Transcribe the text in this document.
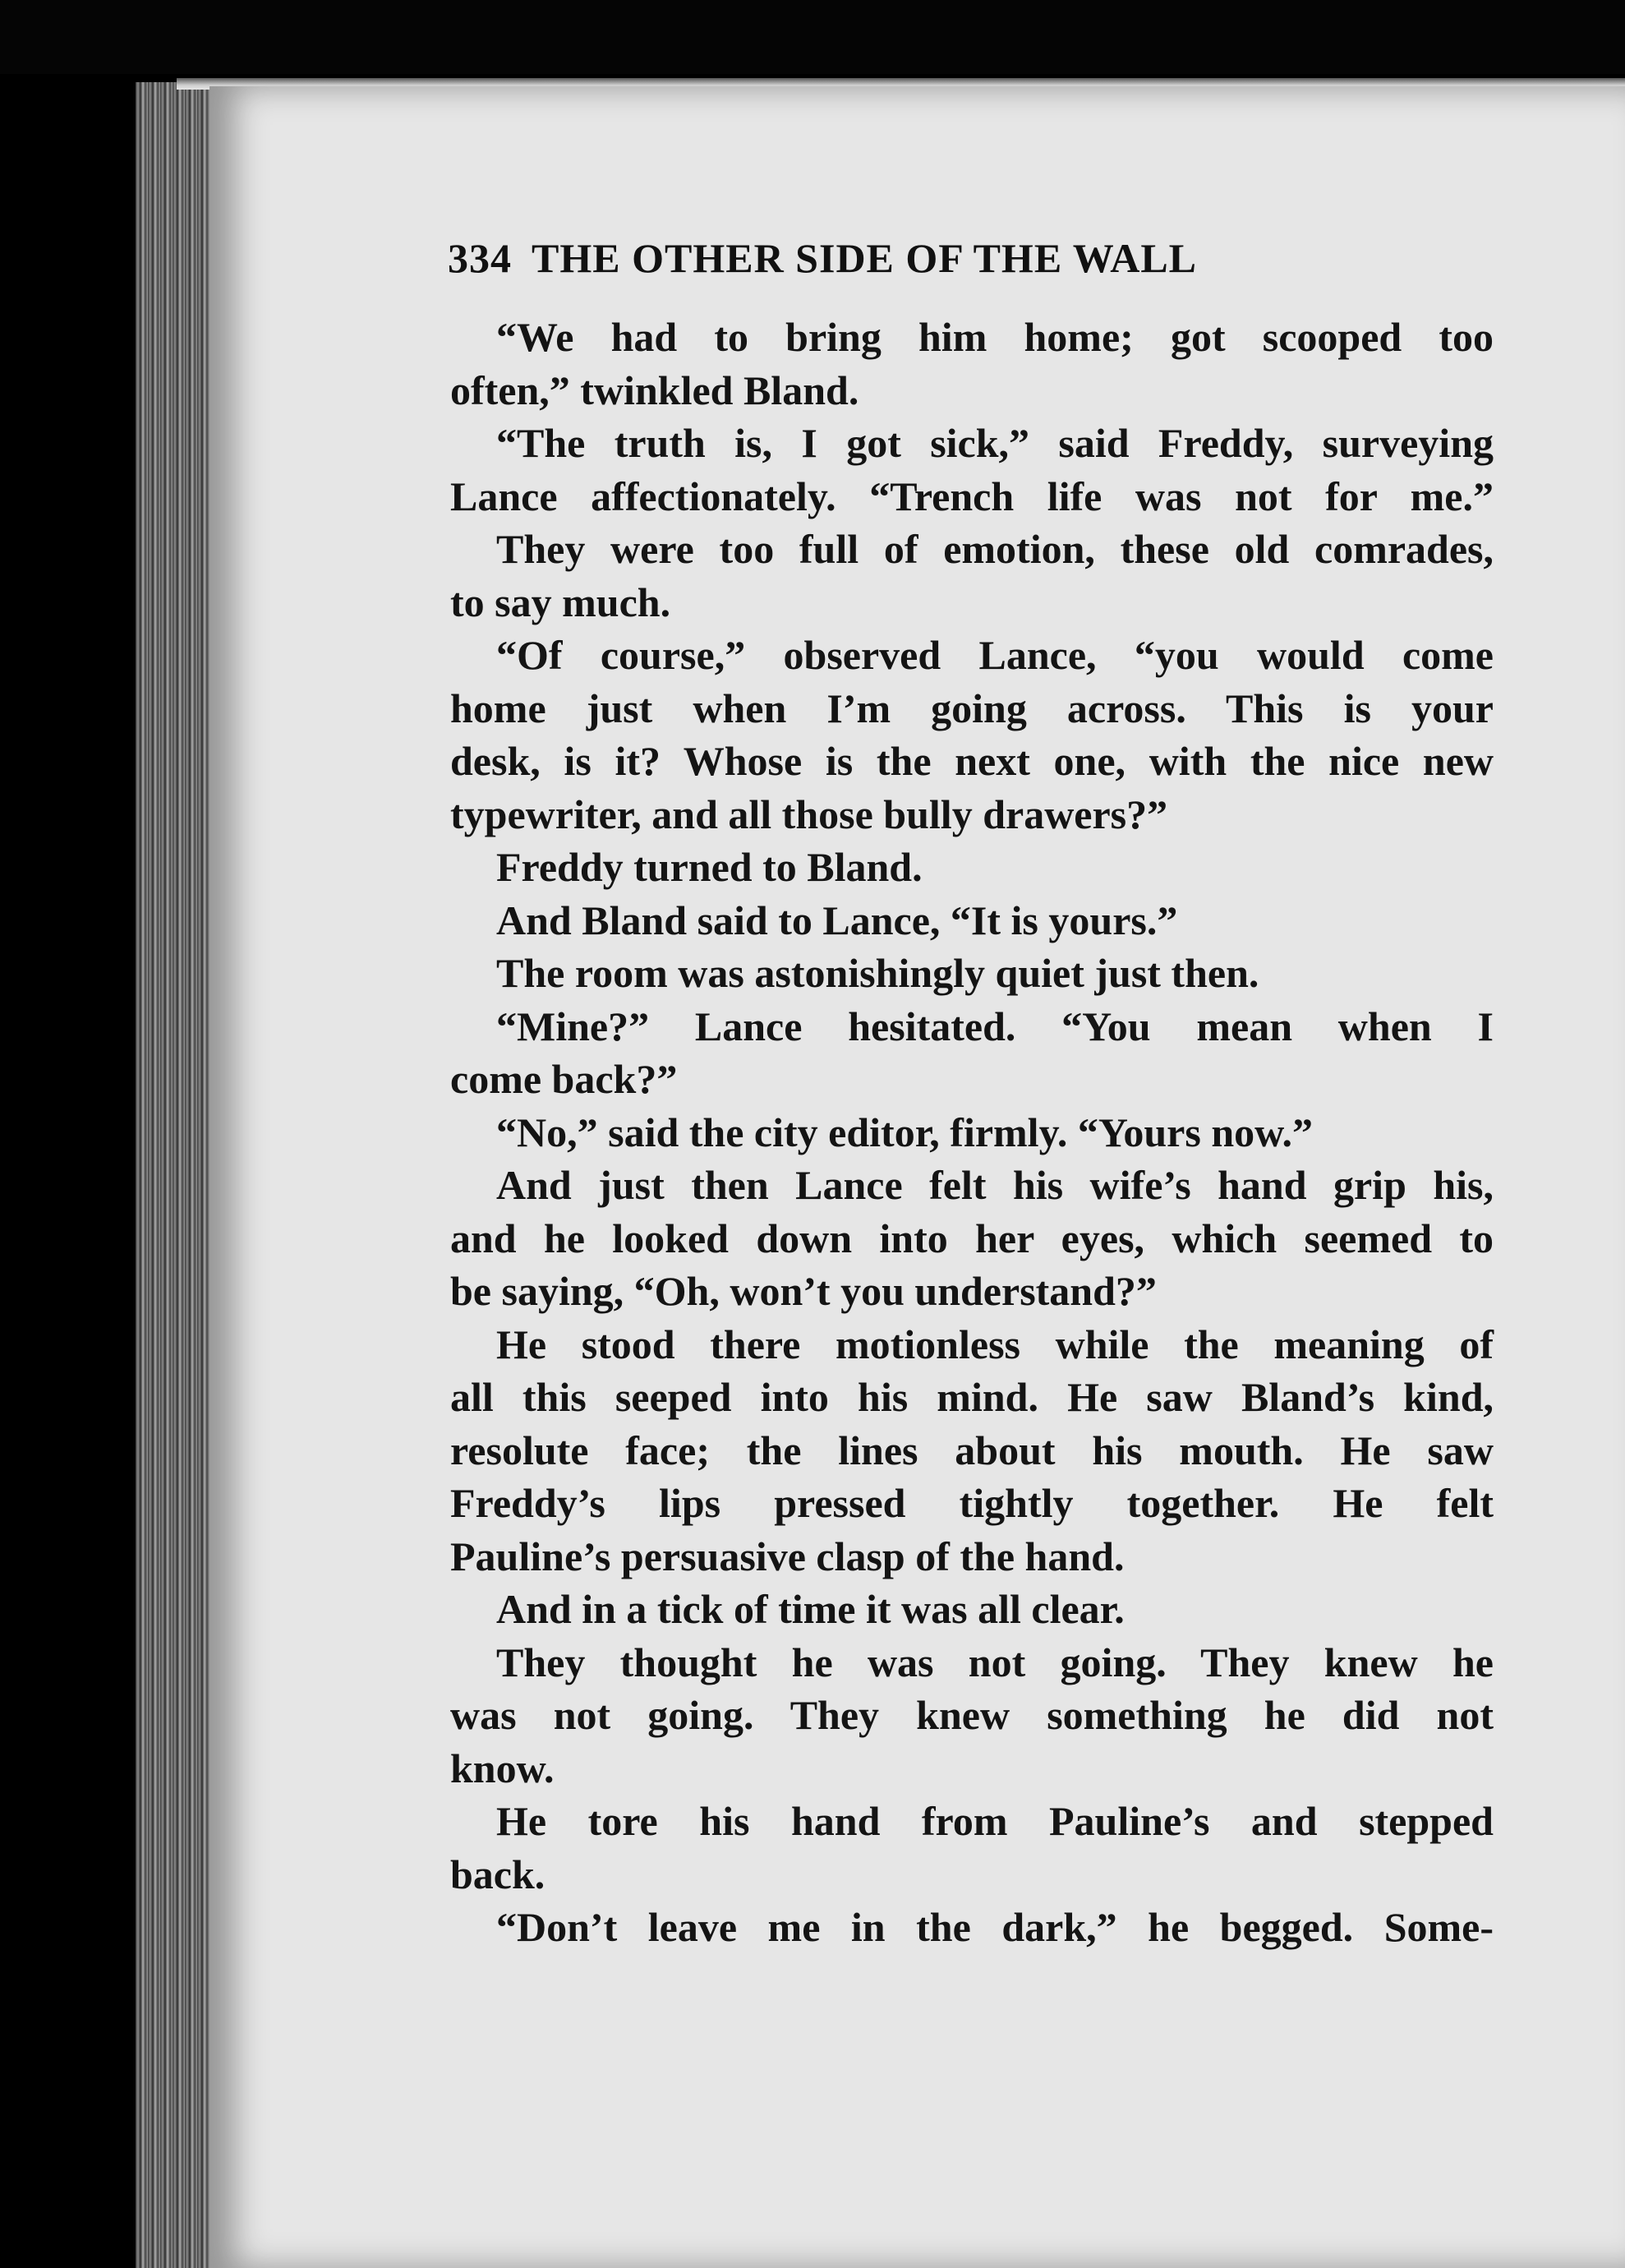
334 THE OTHER SIDE OF THE WALL
“We had to bring him home; got scooped too
often,” twinkled Bland.
“The truth is, I got sick,” said Freddy, surveying
Lance affectionately. “Trench life was not for me.”
They were too full of emotion, these old comrades,
to say much.
“Of course,” observed Lance, “you would come
home just when I’m going across. This is your
desk, is it? Whose is the next one, with the nice new
typewriter, and all those bully drawers?”
Freddy turned to Bland.
And Bland said to Lance, “It is yours.”
The room was astonishingly quiet just then.
“Mine?” Lance hesitated. “You mean when I
come back?”
“No,” said the city editor, firmly. “Yours now.”
And just then Lance felt his wife’s hand grip his,
and he looked down into her eyes, which seemed to
be saying, “Oh, won’t you understand?”
He stood there motionless while the meaning of
all this seeped into his mind. He saw Bland’s kind,
resolute face; the lines about his mouth. He saw
Freddy’s lips pressed tightly together. He felt
Pauline’s persuasive clasp of the hand.
And in a tick of time it was all clear.
They thought he was not going. They knew he
was not going. They knew something he did not
know.
He tore his hand from Pauline’s and stepped
back.
“Don’t leave me in the dark,” he begged. Some-
